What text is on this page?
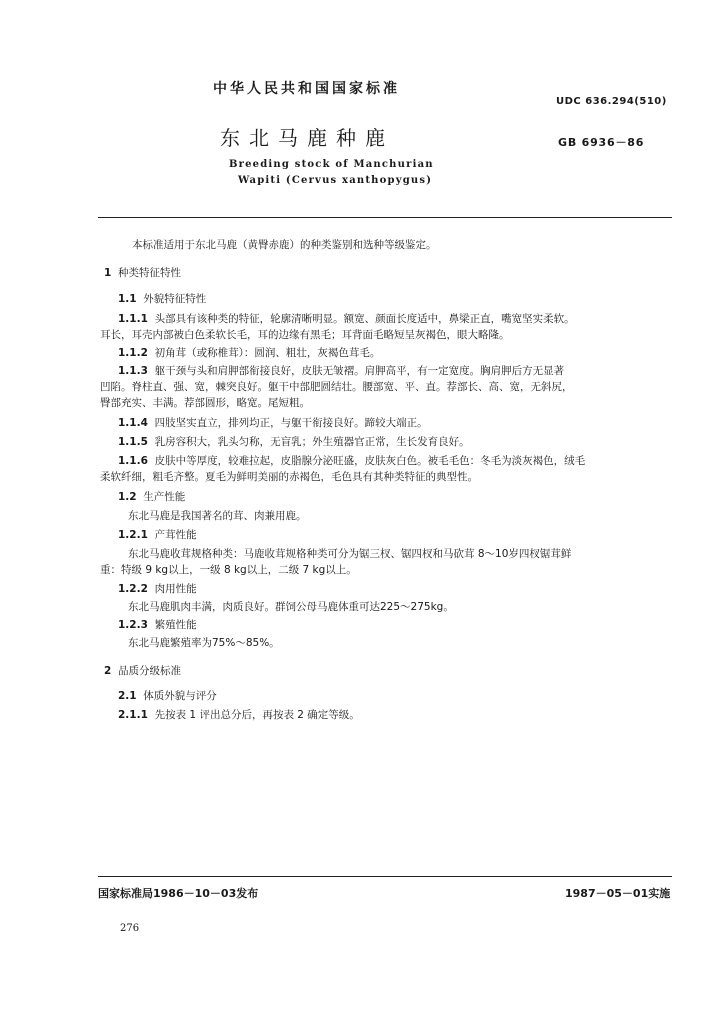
中华人民共和国国家标准
UDC 636.294(510)
东北马鹿种鹿	GB 6936－86
Breeding stock of Manchurian
Wapiti (Cervus xanthopygus)
本标准适用于东北马鹿（黄臀赤鹿）的种类鉴别和选种等级鉴定。
1 种类特征特性
1.1 外貌特征特性
1.1.1 头部具有该种类的特征，轮廓清晰明显。额宽、颜面长度适中，鼻梁正直，嘴宽坚实柔软。
耳长，耳壳内部被白色柔软长毛，耳的边缘有黑毛；耳背面毛略短呈灰褐色，眼大略隆。
1.1.2 初角茸（或称椎茸）：圆润、粗壮，灰褐色茸毛。
1.1.3 躯干颈与头和肩胛部衔接良好，皮肤无皱褶。肩胛高平，有一定宽度。胸肩胛后方无显著
凹陷。脊柱直、强、宽，棘突良好。躯干中部肥圆结壮。腰部宽、平、直。荐部长、高、宽，无斜尻，
臀部充实、丰满。荐部圆形，略宽。尾短粗。
1.1.4 四肢坚实直立，排列均正，与躯干衔接良好。蹄较大端正。
1.1.5 乳房容积大，乳头匀称，无盲乳；外生殖器官正常，生长发育良好。
1.1.6 皮肤中等厚度，较难拉起，皮脂腺分泌旺盛，皮肤灰白色。被毛毛色：冬毛为淡灰褐色，绒毛
柔软纤细，粗毛齐整。夏毛为鲜明美丽的赤褐色，毛色具有其种类特征的典型性。
1.2 生产性能
东北马鹿是我国著名的茸、肉兼用鹿。
1.2.1 产茸性能
东北马鹿收茸规格种类：马鹿收茸规格种类可分为锯三杈、锯四杈和马砍茸 8～10岁四杈锯茸鲜
重：特级 9 kg以上，一级 8 kg以上，二级 7 kg以上。
1.2.2 肉用性能
东北马鹿肌肉丰满，肉质良好。群饲公母马鹿体重可达225～275kg。
1.2.3 繁殖性能
东北马鹿繁殖率为75%～85%。
2 品质分级标准
2.1 体质外貌与评分
2.1.1 先按表 1 评出总分后，再按表 2 确定等级。
国家标准局1986－10－03发布	1987－05－01实施
276
